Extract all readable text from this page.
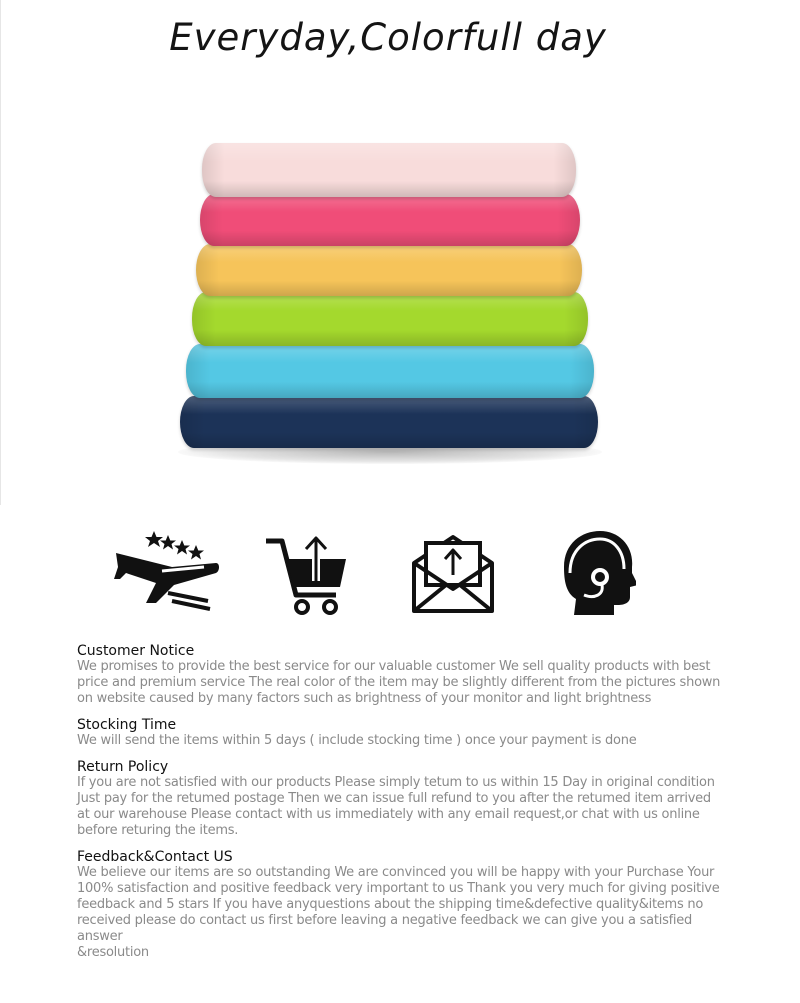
Everyday,Colorfull day

Customer Notice

We promises to provide the best service for our valuable customer We sell quality products with best

price and premium service The real color of the item may be slightly different from the pictures shown

on website caused by many factors such as brightness of your monitor and light brightness

Stocking Time

We will send the items within 5 days ( include stocking time ) once your payment is done

Return Policy

If you are not satisfied with our products Please simply tetum to us within 15 Day in original condition

Just pay for the retumed postage Then we can issue full refund to you after the retumed item arrived

at our warehouse Please contact with us immediately with any email request,or chat with us online

before returing the items.

Feedback&Contact US

We believe our items are so outstanding We are convinced you will be happy with your Purchase Your

100% satisfaction and positive feedback very important to us Thank you very much for giving positive

feedback and 5 stars If you have anyquestions about the shipping time&defective quality&items no

received please do contact us first before leaving a negative feedback we can give you a satisfied answer

&resolution
